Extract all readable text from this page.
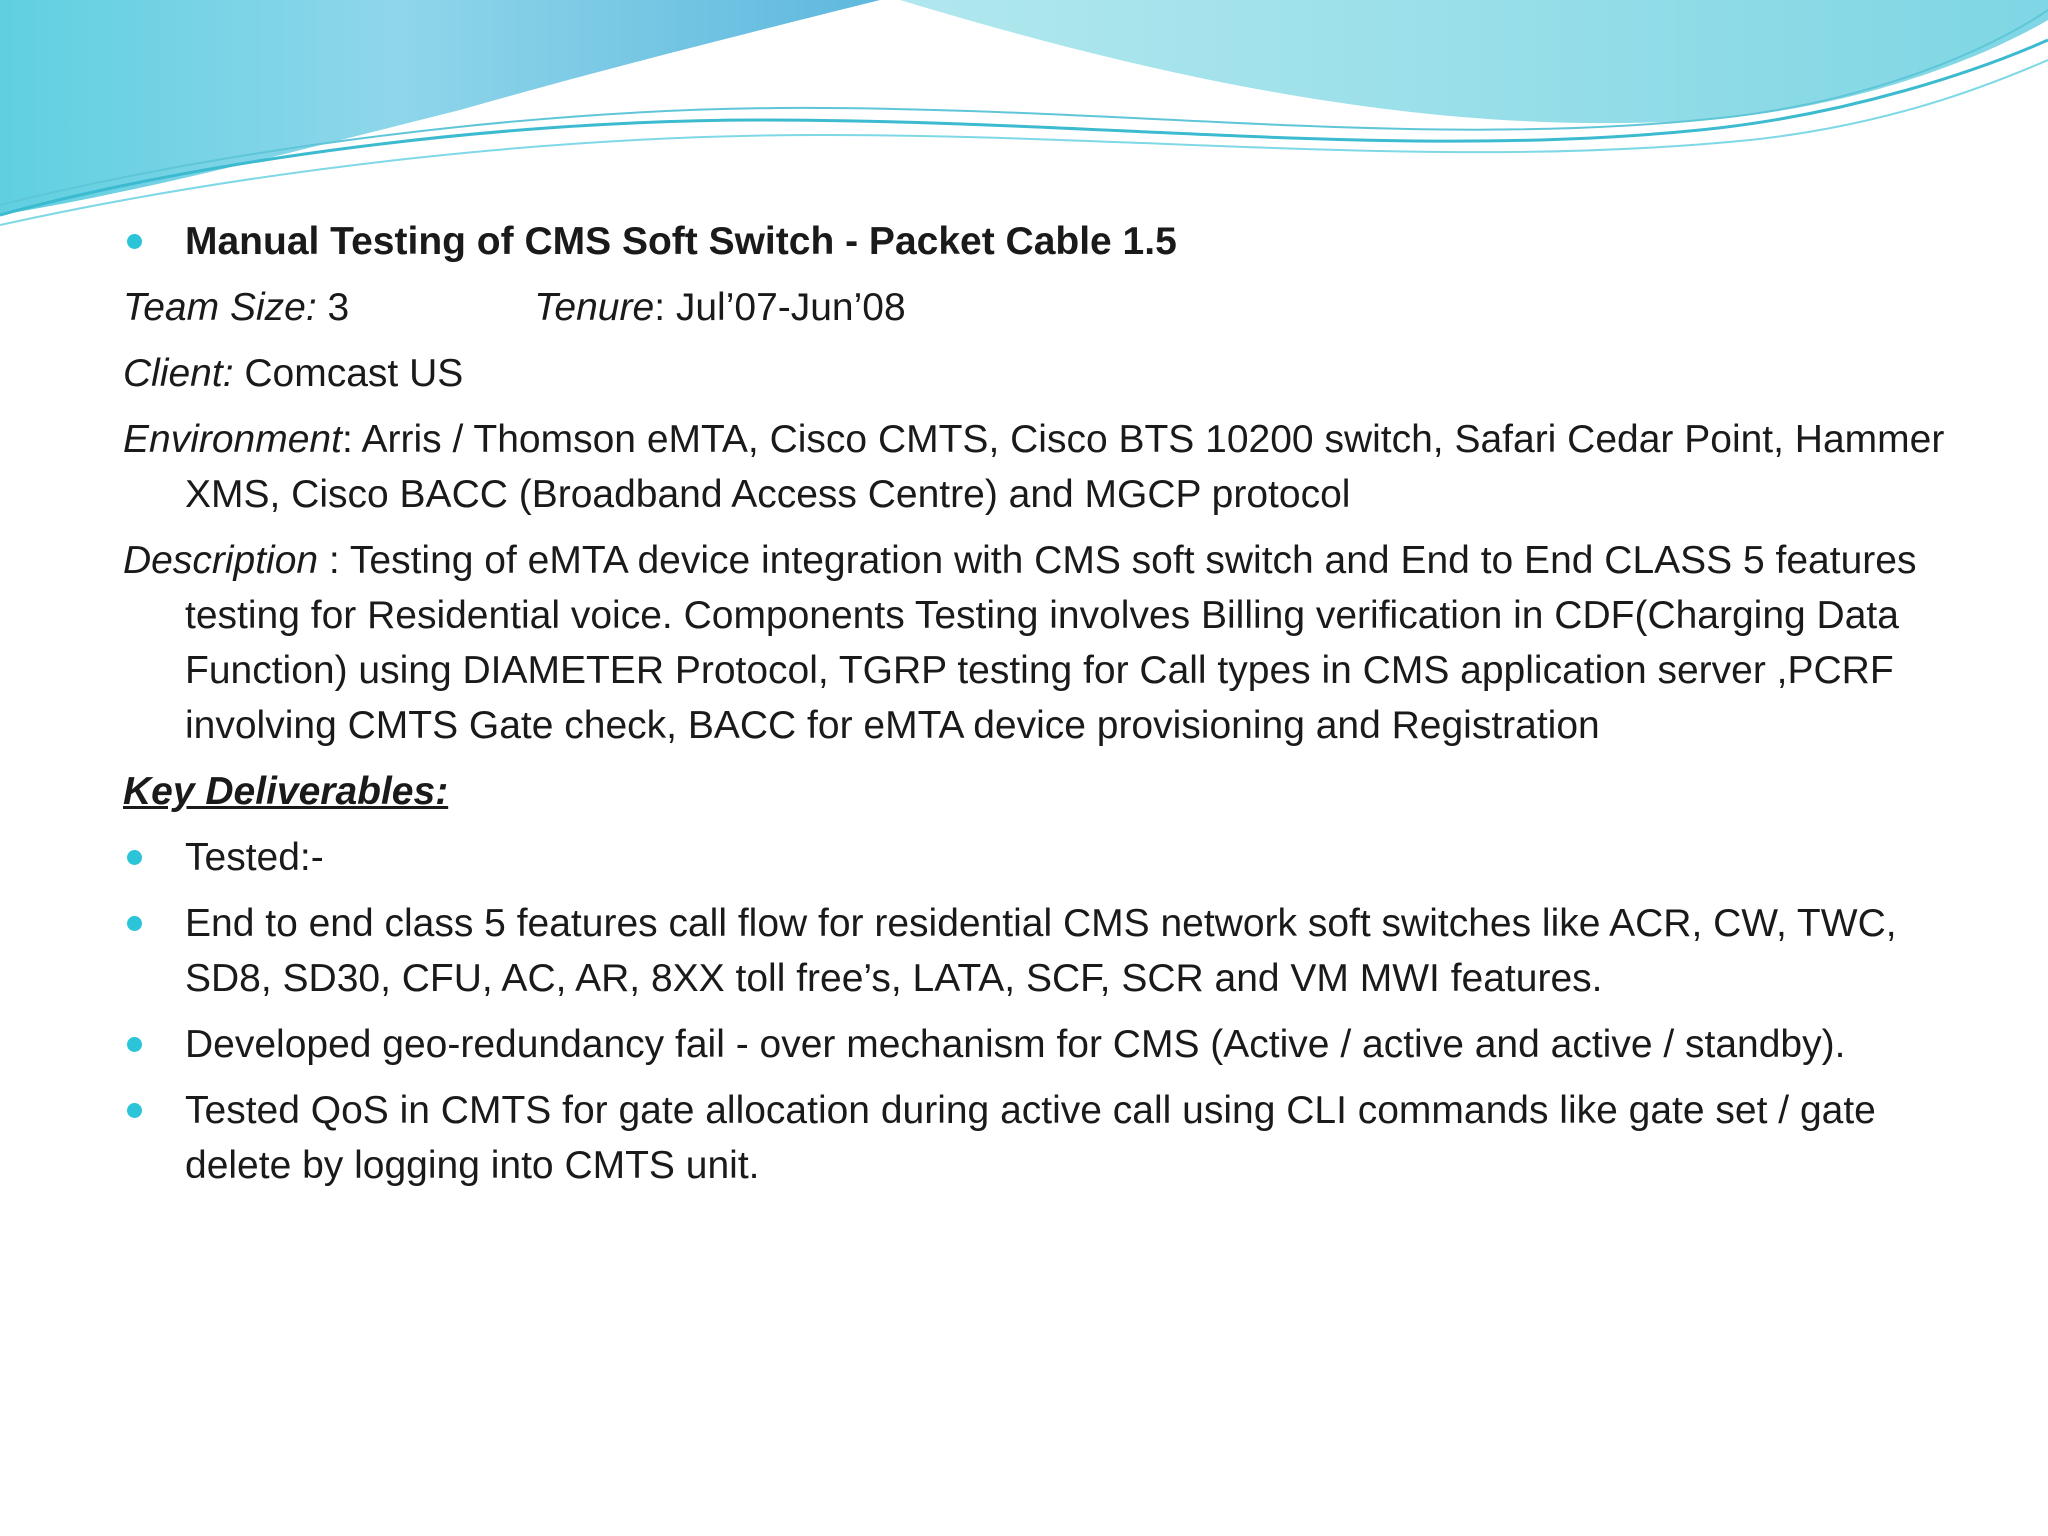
Manual Testing of CMS Soft Switch - Packet Cable 1.5
Team Size: 3	Tenure: Jul’07-Jun’08
Client: Comcast US
Environment: Arris / Thomson eMTA, Cisco CMTS, Cisco BTS 10200 switch, Safari Cedar Point, Hammer XMS, Cisco BACC (Broadband Access Centre) and MGCP protocol
Description : Testing of eMTA device integration with CMS soft switch and End to End CLASS 5 features testing for Residential voice. Components Testing involves Billing verification in CDF(Charging Data Function) using DIAMETER Protocol, TGRP testing for Call types in CMS application server ,PCRF involving CMTS Gate check, BACC for eMTA device provisioning and Registration
Key Deliverables:
Tested:-
End to end class 5 features call flow for residential CMS network soft switches like ACR, CW, TWC, SD8, SD30, CFU, AC, AR, 8XX toll free’s, LATA, SCF, SCR and VM MWI features.
Developed geo-redundancy fail - over mechanism for CMS (Active / active and active / standby).
Tested QoS in CMTS for gate allocation during active call using CLI commands like gate set / gate delete by logging into CMTS unit.
